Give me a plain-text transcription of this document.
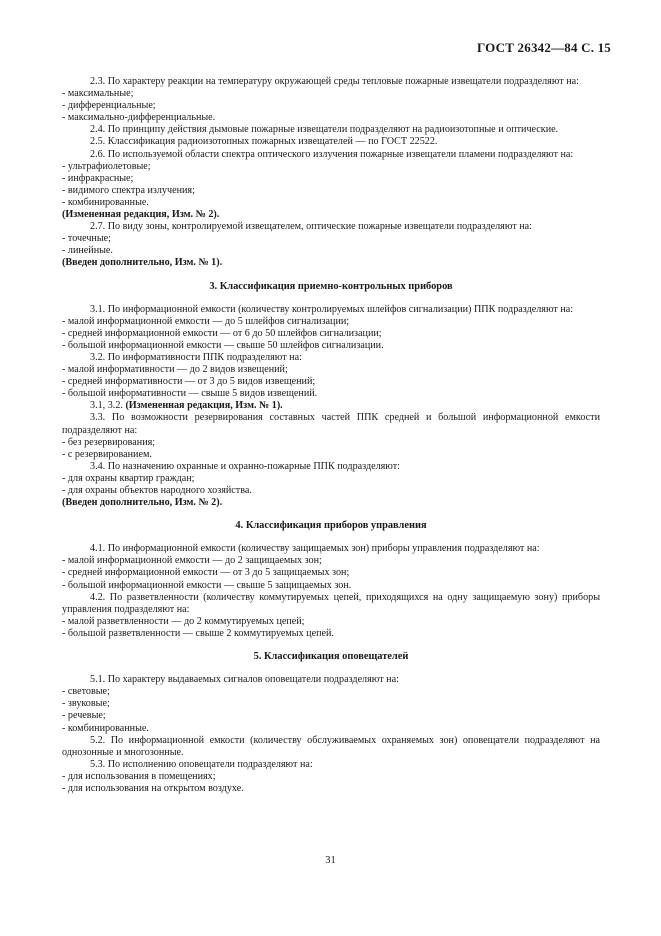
ГОСТ 26342—84 С. 15

2.3. По характеру реакции на температуру окружающей среды тепловые пожарные извещатели подразделяют на:

- максимальные;

- дифференциальные;

- максимально-дифференциальные.

2.4. По принципу действия дымовые пожарные извещатели подразделяют на радиоизотопные и оптические.

2.5. Классификация радиоизотопных пожарных извещателей — по ГОСТ 22522.

2.6. По используемой области спектра оптического излучения пожарные извещатели пламени подразделяют на:

- ультрафиолетовые;

- инфракрасные;

- видимого спектра излучения;

- комбинированные.

(Измененная редакция, Изм. № 2).

2.7. По виду зоны, контролируемой извещателем, оптические пожарные извещатели подразделяют на:

- точечные;

- линейные.

(Введен дополнительно, Изм. № 1).

3. Классификация приемно-контрольных приборов

3.1. По информационной емкости (количеству контролируемых шлейфов сигнализации) ППК подразделяют на:

- малой информационной емкости — до 5 шлейфов сигнализации;

- средней информационной емкости — от 6 до 50 шлейфов сигнализации;

- большой информационной емкости — свыше 50 шлейфов сигнализации.

3.2. По информативности ППК подразделяют на:

- малой информативности — до 2 видов извещений;

- средней информативности — от 3 до 5 видов извещений;

- большой информативности — свыше 5 видов извещений.

3.1, 3.2. (Измененная редакция, Изм. № 1).

3.3. По возможности резервирования составных частей ППК средней и большой информационной емкости подразделяют на:

- без резервирования;

- с резервированием.

3.4. По назначению охранные и охранно-пожарные ППК подразделяют:

- для охраны квартир граждан;

- для охраны объектов народного хозяйства.

(Введен дополнительно, Изм. № 2).

4. Классификация приборов управления

4.1. По информационной емкости (количеству защищаемых зон) приборы управления подразделяют на:

- малой информационной емкости — до 2 защищаемых зон;

- средней информационной емкости — от 3 до 5 защищаемых зон;

- большой информационной емкости — свыше 5 защищаемых зон.

4.2. По разветвленности (количеству коммутируемых цепей, приходящихся на одну защищаемую зону) приборы управления подразделяют на:

- малой разветвленности — до 2 коммутируемых цепей;

- большой разветвленности — свыше 2 коммутируемых цепей.

5. Классификация оповещателей

5.1. По характеру выдаваемых сигналов оповещатели подразделяют на:

- световые;

- звуковые;

- речевые;

- комбинированные.

5.2. По информационной емкости (количеству обслуживаемых охраняемых зон) оповещатели подразделяют на однозонные и многозонные.

5.3. По исполнению оповещатели подразделяют на:

- для использования в помещениях;

- для использования на открытом воздухе.

31
